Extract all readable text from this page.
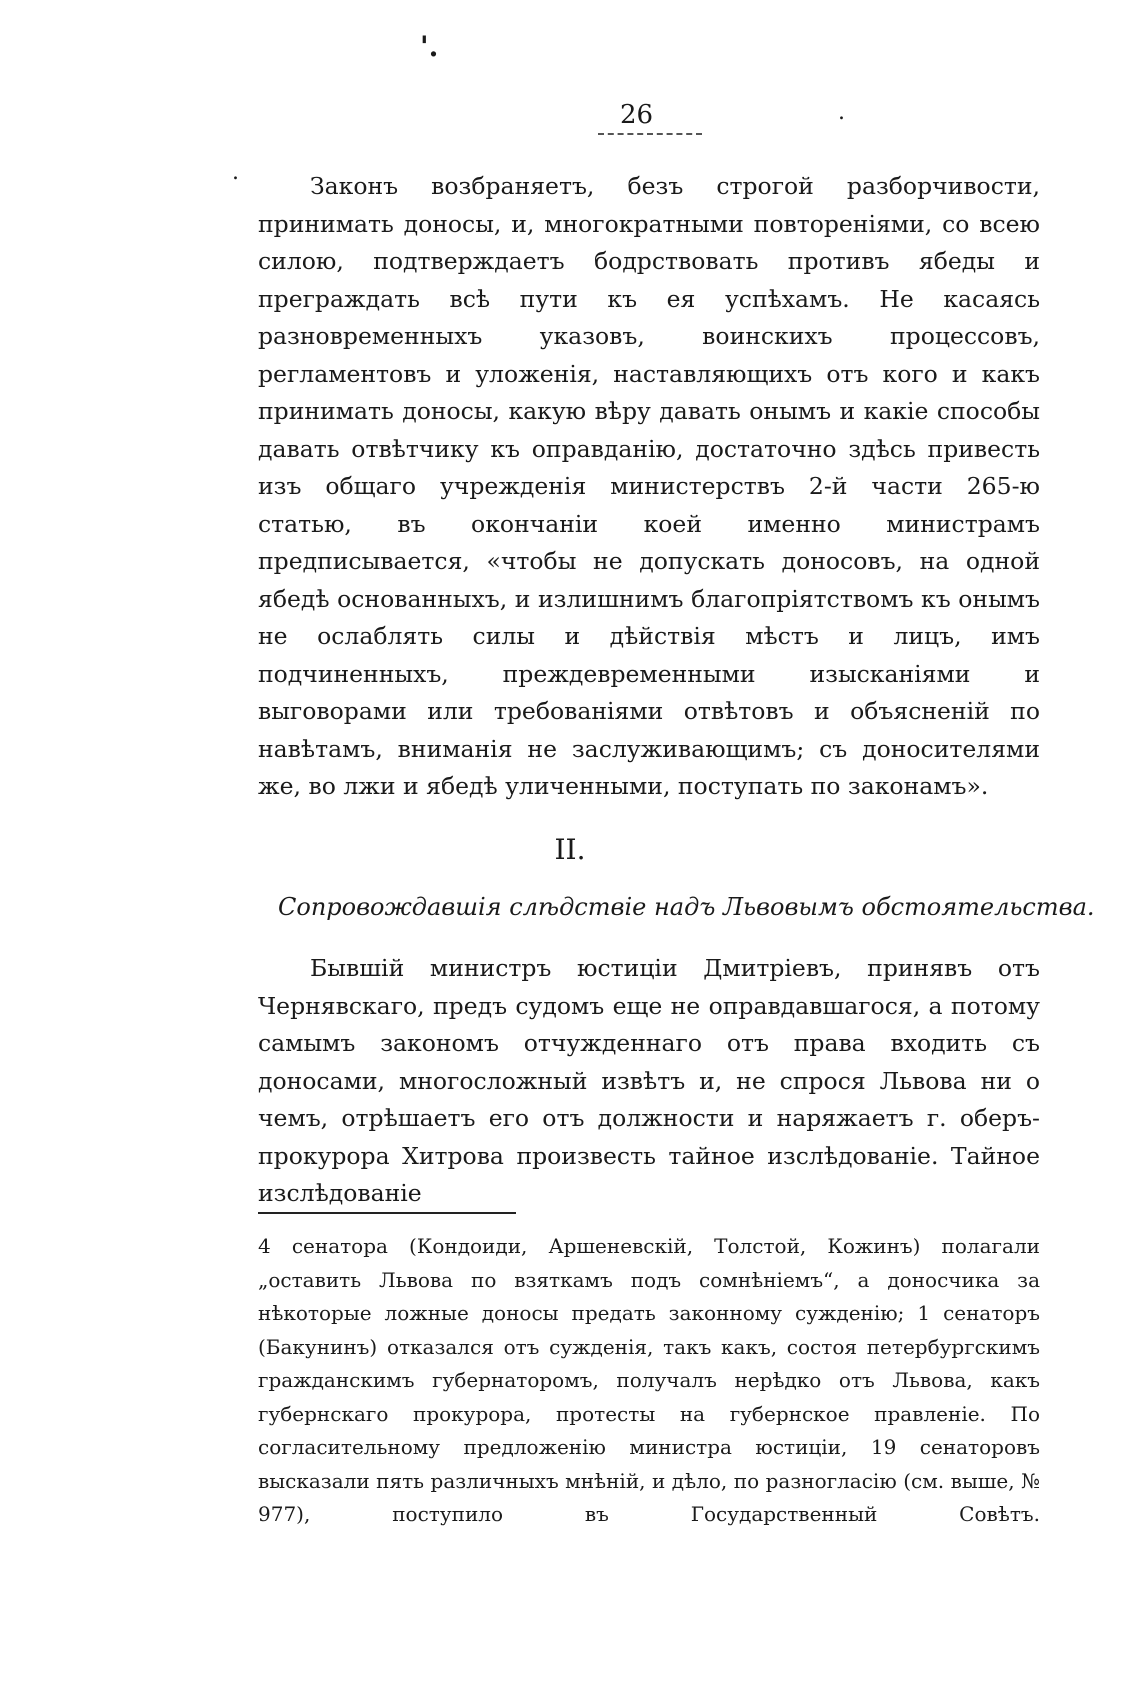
'.
26	.
.	Законъ возбраняетъ, безъ строгой разборчивости, принимать доносы, и, многократными повтореніями, со всею силою, подтверждаетъ бодрствовать противъ ябеды и преграждать всѣ пути къ ея успѣхамъ. Не касаясь разновременныхъ указовъ, воинскихъ процессовъ, регламентовъ и уложенія, наставляющихъ отъ кого и какъ принимать доносы, какую вѣру давать онымъ и какіе способы давать отвѣтчику къ оправданію, достаточно здѣсь привесть изъ общаго учрежденія министерствъ 2-й части 265-ю статью, въ окончаніи коей именно министрамъ предписывается, «чтобы не допускать доносовъ, на одной ябедѣ основанныхъ, и излишнимъ благопріятствомъ къ онымъ не ослаблять силы и дѣйствія мѣстъ и лицъ, имъ подчиненныхъ, преждевременными изысканіями и выговорами или требованіями отвѣтовъ и объясненій по навѣтамъ, вниманія не заслуживающимъ; съ доносителями же, во лжи и ябедѣ уличенными, поступать по законамъ».

II.
Сопровождавшія слѣдствіе надъ Львовымъ обстоятельства.

Бывшій министръ юстиціи Дмитріевъ, принявъ отъ Чернявскаго, предъ судомъ еще не оправдавшагося, а потому самымъ закономъ отчужденнаго отъ права входить съ доносами, многосложный извѣтъ и, не спрося Львова ни о чемъ, отрѣшаетъ его отъ должности и наряжаетъ г. оберъ-прокурора Хитрова произвесть тайное изслѣдованіе. Тайное изслѣдованіе

4 сенатора (Кондоиди, Аршеневскій, Толстой, Кожинъ) полагали „оставить Львова по взяткамъ подъ сомнѣніемъ“, а доносчика за нѣкоторые ложные доносы предать законному сужденію; 1 сенаторъ (Бакунинъ) отказался отъ сужденія, такъ какъ, состоя петербургскимъ гражданскимъ губернаторомъ, получалъ нерѣдко отъ Львова, какъ губернскаго прокурора, протесты на губернское правленіе. По согласительному предложенію министра юстиціи, 19 сенаторовъ высказали пять различныхъ мнѣній, и дѣло, по разногласію (см. выше, № 977), поступило въ Государственный Совѣтъ.
